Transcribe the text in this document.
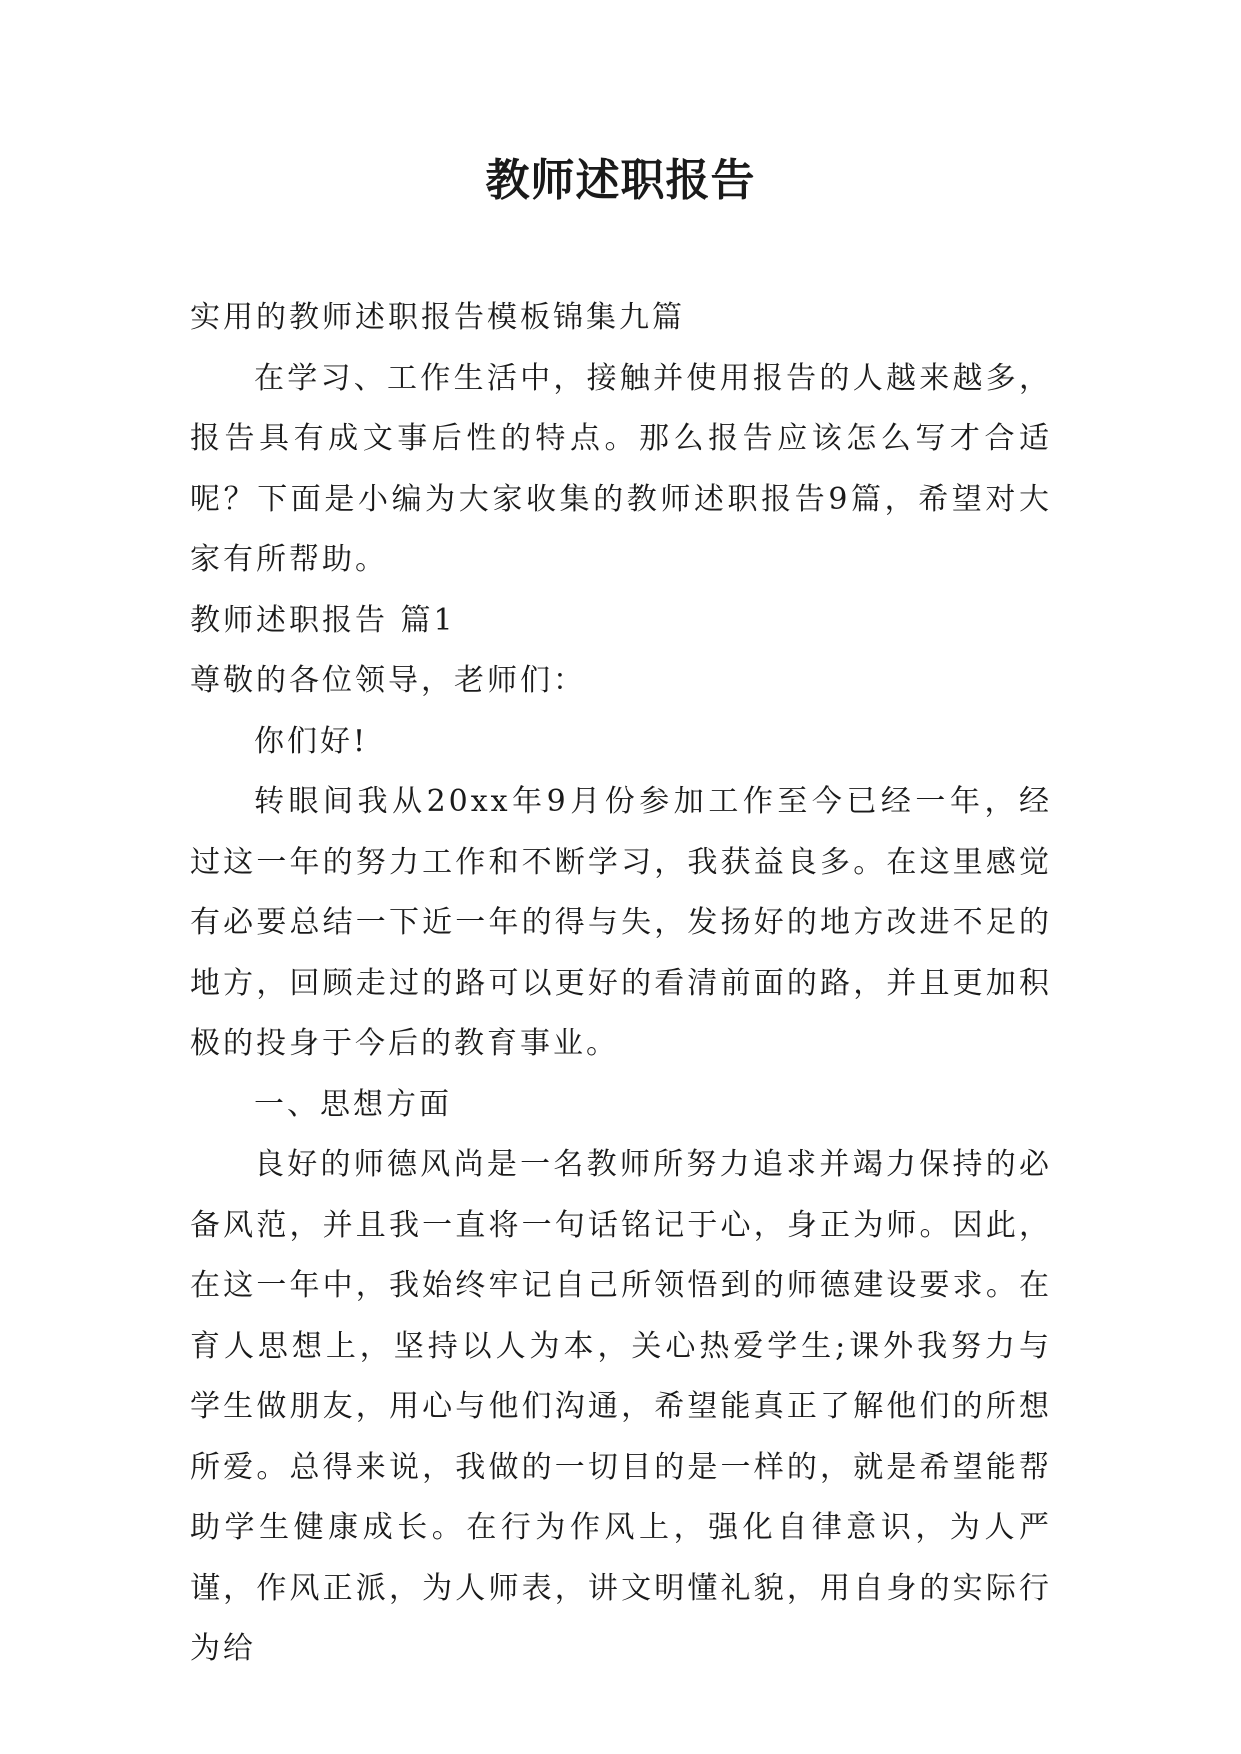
教师述职报告

实用的教师述职报告模板锦集九篇

在学习、工作生活中，接触并使用报告的人越来越多，报告具有成文事后性的特点。那么报告应该怎么写才合适呢？下面是小编为大家收集的教师述职报告9篇，希望对大家有所帮助。

教师述职报告 篇1

尊敬的各位领导，老师们：

你们好!

转眼间我从20xx年9月份参加工作至今已经一年，经过这一年的努力工作和不断学习，我获益良多。在这里感觉有必要总结一下近一年的得与失，发扬好的地方改进不足的地方，回顾走过的路可以更好的看清前面的路，并且更加积极的投身于今后的教育事业。

一、思想方面

良好的师德风尚是一名教师所努力追求并竭力保持的必备风范，并且我一直将一句话铭记于心，身正为师。因此，在这一年中，我始终牢记自己所领悟到的师德建设要求。在育人思想上，坚持以人为本，关心热爱学生;课外我努力与学生做朋友，用心与他们沟通，希望能真正了解他们的所想所爱。总得来说，我做的一切目的是一样的，就是希望能帮助学生健康成长。在行为作风上，强化自律意识，为人严谨，作风正派，为人师表，讲文明懂礼貌，用自身的实际行为给
